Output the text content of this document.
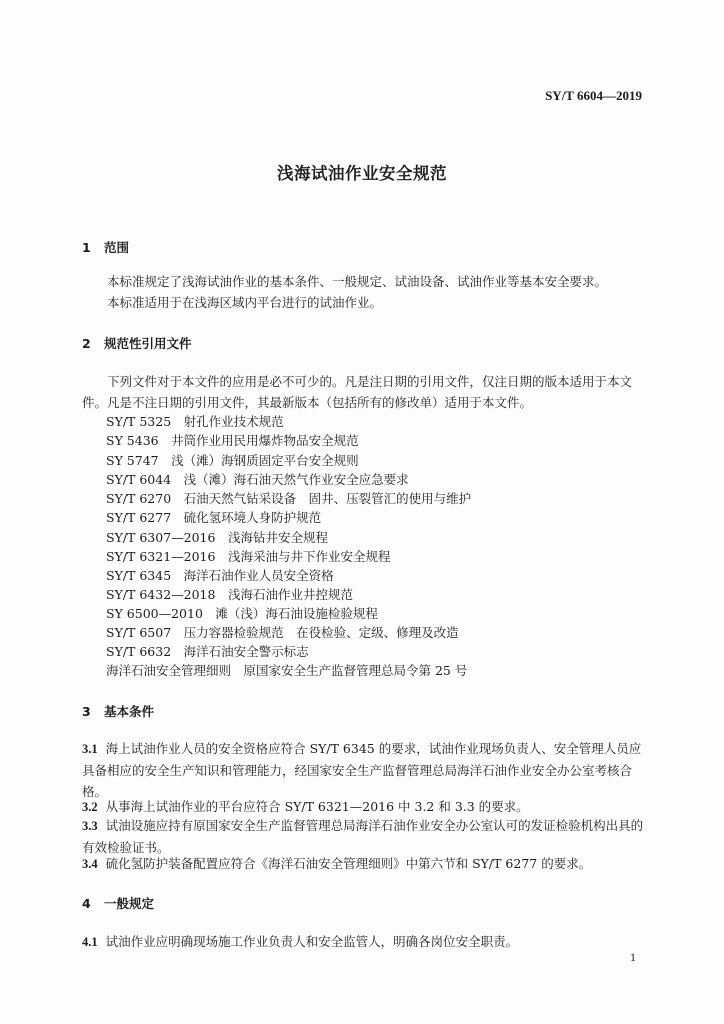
SY/T 6604—2019
浅海试油作业安全规范
1 范围
本标准规定了浅海试油作业的基本条件、一般规定、试油设备、试油作业等基本安全要求。
本标准适用于在浅海区域内平台进行的试油作业。
2 规范性引用文件
下列文件对于本文件的应用是必不可少的。凡是注日期的引用文件，仅注日期的版本适用于本文件。凡是不注日期的引用文件，其最新版本（包括所有的修改单）适用于本文件。
SY/T 5325　射孔作业技术规范
SY 5436　井筒作业用民用爆炸物品安全规范
SY 5747　浅（滩）海钢质固定平台安全规则
SY/T 6044　浅（滩）海石油天然气作业安全应急要求
SY/T 6270　石油天然气钻采设备　固井、压裂管汇的使用与维护
SY/T 6277　硫化氢环境人身防护规范
SY/T 6307—2016　浅海钻井安全规程
SY/T 6321—2016　浅海采油与井下作业安全规程
SY/T 6345　海洋石油作业人员安全资格
SY/T 6432—2018　浅海石油作业井控规范
SY 6500—2010　滩（浅）海石油设施检验规程
SY/T 6507　压力容器检验规范　在役检验、定级、修理及改造
SY/T 6632　海洋石油安全警示标志
海洋石油安全管理细则　原国家安全生产监督管理总局令第 25 号
3 基本条件
3.1 海上试油作业人员的安全资格应符合 SY/T 6345 的要求，试油作业现场负责人、安全管理人员应具备相应的安全生产知识和管理能力，经国家安全生产监督管理总局海洋石油作业安全办公室考核合格。
3.2 从事海上试油作业的平台应符合 SY/T 6321—2016 中 3.2 和 3.3 的要求。
3.3 试油设施应持有原国家安全生产监督管理总局海洋石油作业安全办公室认可的发证检验机构出具的有效检验证书。
3.4 硫化氢防护装备配置应符合《海洋石油安全管理细则》中第六节和 SY/T 6277 的要求。
4 一般规定
4.1 试油作业应明确现场施工作业负责人和安全监管人，明确各岗位安全职责。
1
